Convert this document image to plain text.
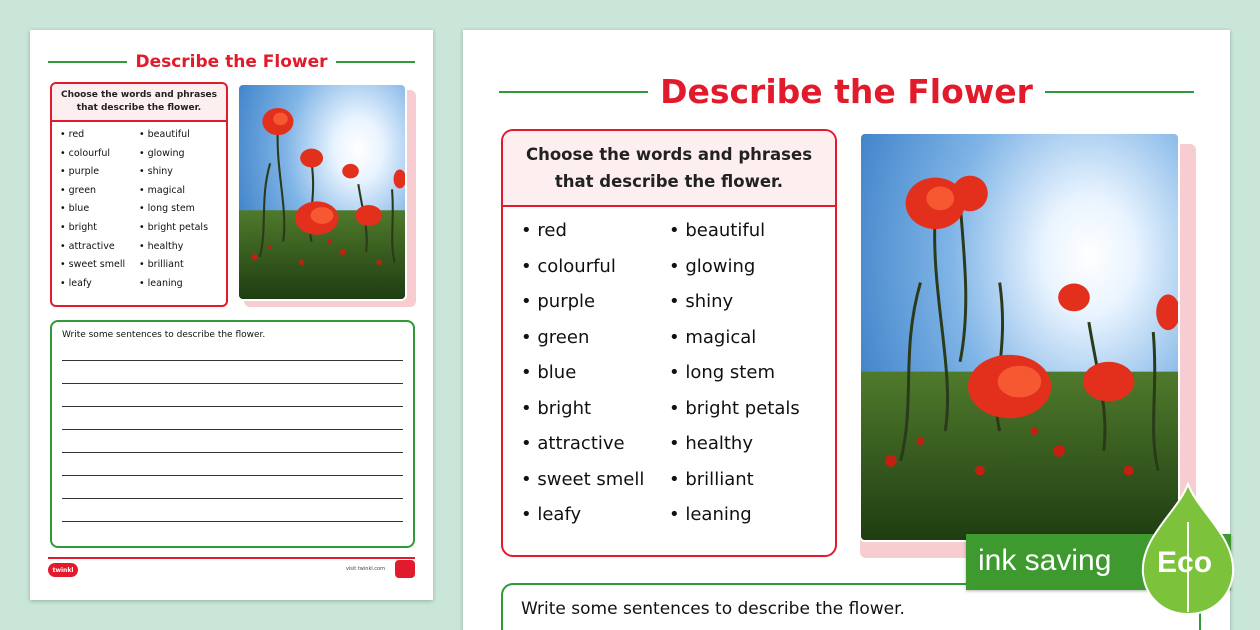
Describe the Flower
Choose the words and phrases
that describe the flower.
• red	• beautiful
• colourful	• glowing
• purple	• shiny
• green	• magical
• blue	• long stem
• bright	• bright petals
• attractive	• healthy
• sweet smell	• brilliant
• leafy	• leaning
Write some sentences to describe the flower.
twinkl	visit twinkl.com
Describe the Flower
Choose the words and phrases
that describe the flower.
• red	• beautiful
• colourful	• glowing
• purple	• shiny
• green	• magical
• blue	• long stem
• bright	• bright petals
• attractive	• healthy
• sweet smell	• brilliant
• leafy	• leaning
Write some sentences to describe the flower.
ink saving Eco
